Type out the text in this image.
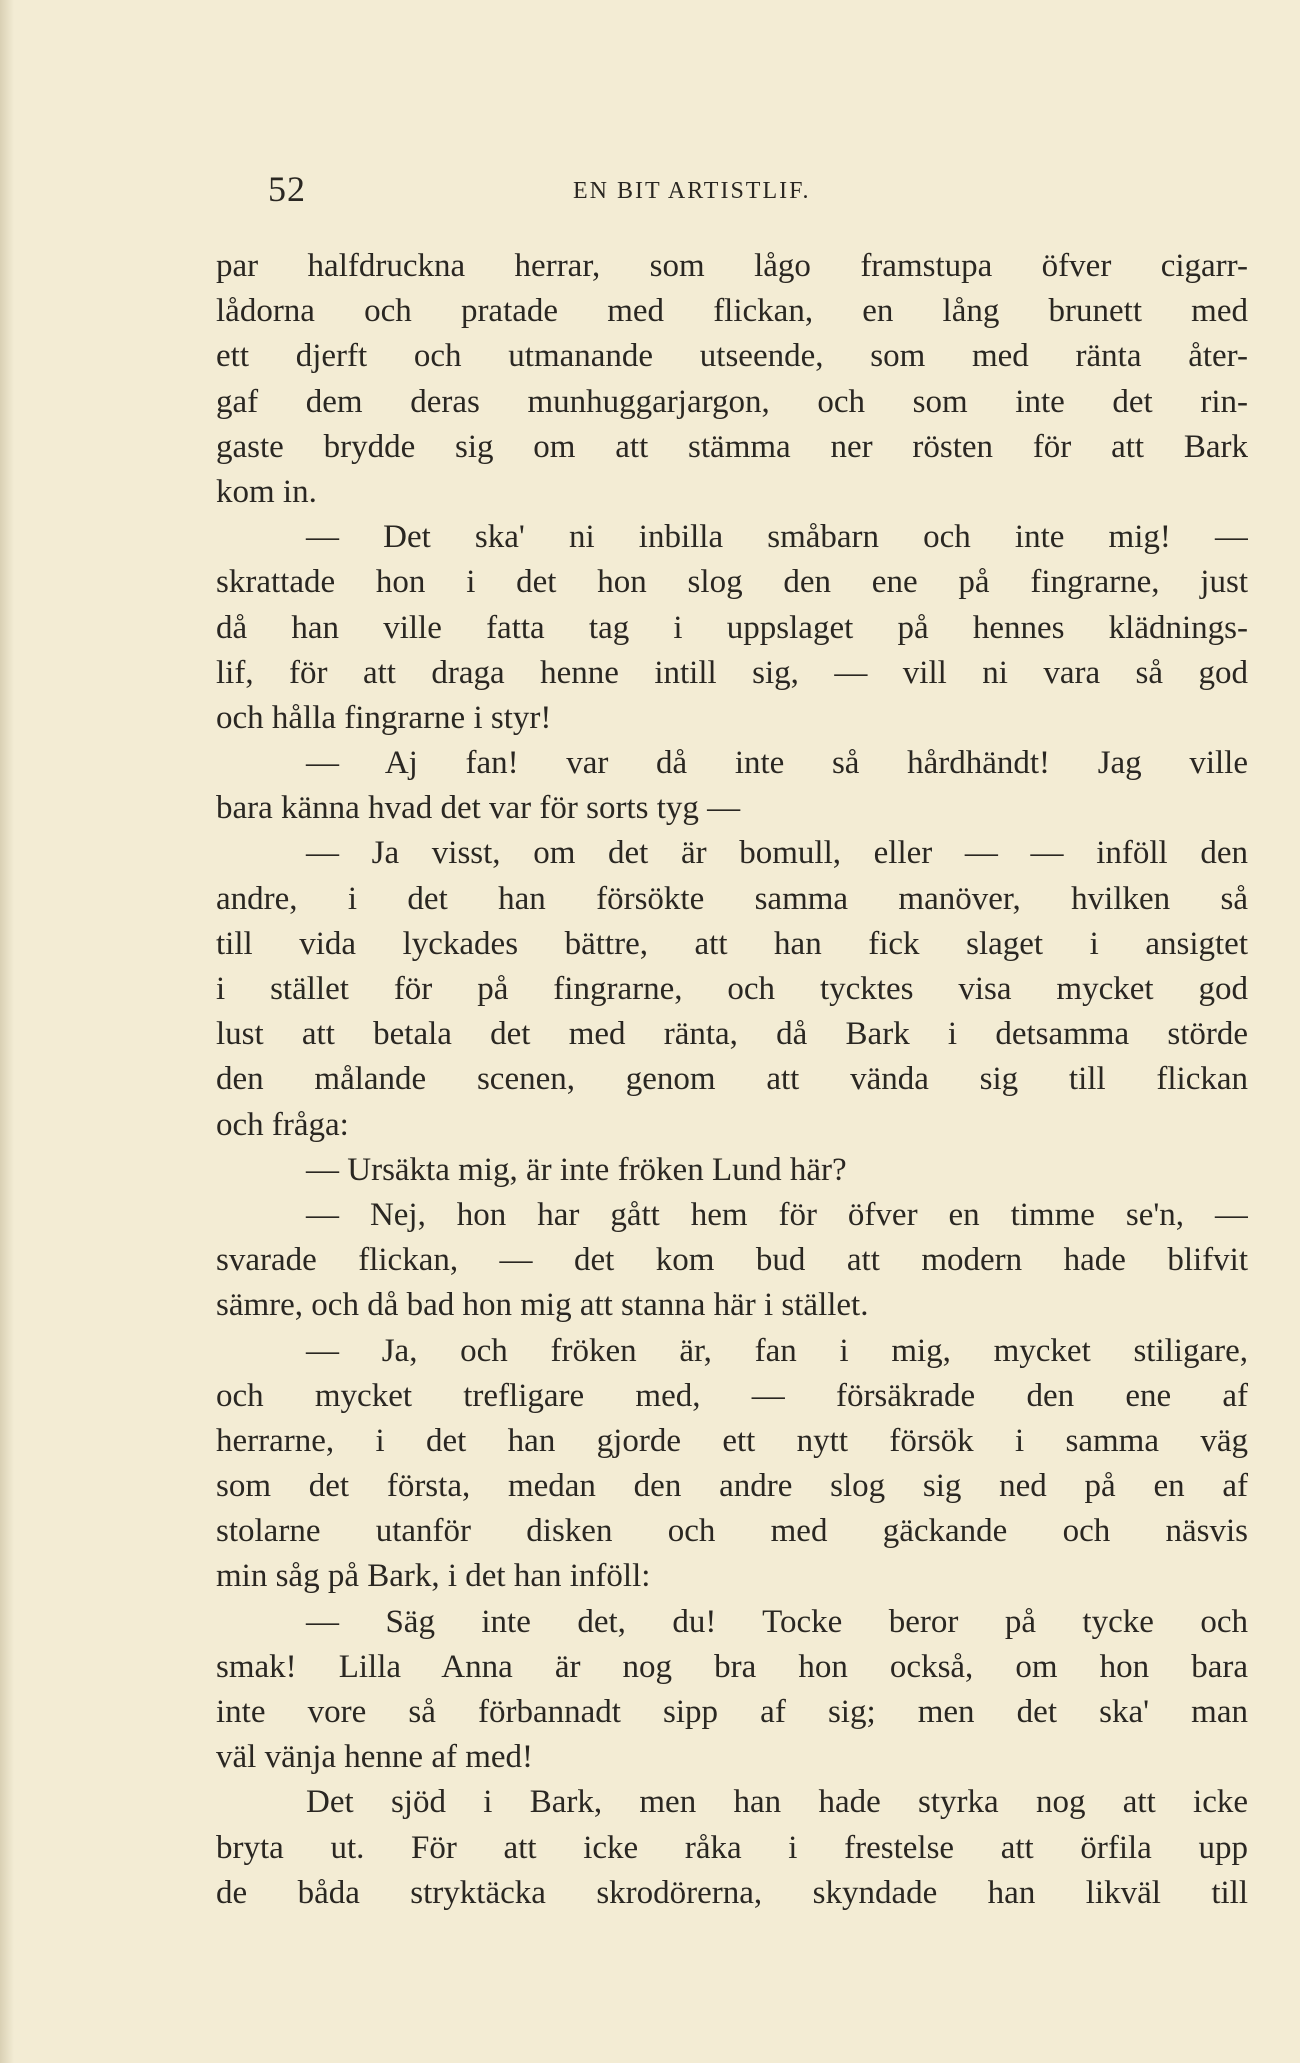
52	EN BIT ARTISTLIF.
par halfdruckna herrar, som lågo framstupa öfver cigarr-
lådorna och pratade med flickan, en lång brunett med
ett djerft och utmanande utseende, som med ränta åter-
gaf dem deras munhuggarjargon, och som inte det rin-
gaste brydde sig om att stämma ner rösten för att Bark
kom in.
— Det ska' ni inbilla småbarn och inte mig! —
skrattade hon i det hon slog den ene på fingrarne, just
då han ville fatta tag i uppslaget på hennes klädnings-
lif, för att draga henne intill sig, — vill ni vara så god
och hålla fingrarne i styr!
— Aj fan! var då inte så hårdhändt! Jag ville
bara känna hvad det var för sorts tyg —
— Ja visst, om det är bomull, eller — — inföll den
andre, i det han försökte samma manöver, hvilken så
till vida lyckades bättre, att han fick slaget i ansigtet
i stället för på fingrarne, och tycktes visa mycket god
lust att betala det med ränta, då Bark i detsamma störde
den målande scenen, genom att vända sig till flickan
och fråga:
— Ursäkta mig, är inte fröken Lund här?
— Nej, hon har gått hem för öfver en timme se'n, —
svarade flickan, — det kom bud att modern hade blifvit
sämre, och då bad hon mig att stanna här i stället.
— Ja, och fröken är, fan i mig, mycket stiligare,
och mycket trefligare med, — försäkrade den ene af
herrarne, i det han gjorde ett nytt försök i samma väg
som det första, medan den andre slog sig ned på en af
stolarne utanför disken och med gäckande och näsvis
min såg på Bark, i det han inföll:
— Säg inte det, du! Tocke beror på tycke och
smak! Lilla Anna är nog bra hon också, om hon bara
inte vore så förbannadt sipp af sig; men det ska' man
väl vänja henne af med!
Det sjöd i Bark, men han hade styrka nog att icke
bryta ut. För att icke råka i frestelse att örfila upp
de båda stryktäcka skrodörerna, skyndade han likväl till
